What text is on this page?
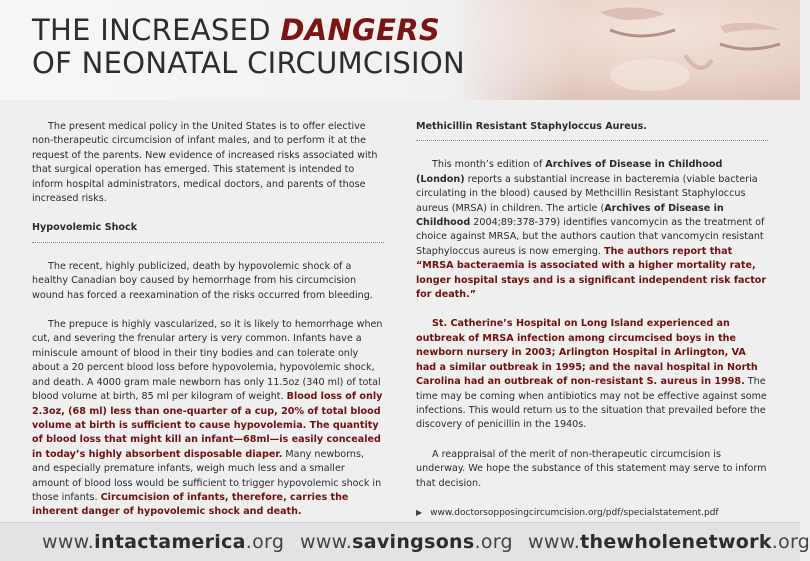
THE INCREASED DANGERS
OF NEONATAL CIRCUMCISION

The present medical policy in the United States is to offer elective non-therapeutic circumcision of infant males, and to perform it at the request of the parents. New evidence of increased risks associated with that surgical operation has emerged. This statement is intended to inform hospital administrators, medical doctors, and parents of those increased risks.

Hypovolemic Shock

The recent, highly publicized, death by hypovolemic shock of a healthy Canadian boy caused by hemorrhage from his circumcision wound has forced a reexamination of the risks occurred from bleeding.

The prepuce is highly vascularized, so it is likely to hemorrhage when cut, and severing the frenular artery is very common. Infants have a miniscule amount of blood in their tiny bodies and can tolerate only about a 20 percent blood loss before hypovolemia, hypovolemic shock, and death. A 4000 gram male newborn has only 11.5oz (340 ml) of total blood volume at birth, 85 ml per kilogram of weight. Blood loss of only 2.3oz, (68 ml) less than one-quarter of a cup, 20% of total blood volume at birth is sufficient to cause hypovolemia. The quantity of blood loss that might kill an infant—68ml—is easily concealed in today’s highly absorbent disposable diaper. Many newborns, and especially premature infants, weigh much less and a smaller amount of blood loss would be sufficient to trigger hypovolemic shock in those infants. Circumcision of infants, therefore, carries the inherent danger of hypovolemic shock and death.

Methicillin Resistant Staphyloccus Aureus.

This month’s edition of Archives of Disease in Childhood (London) reports a substantial increase in bacteremia (viable bacteria circulating in the blood) caused by Methcillin Resistant Staphyloccus aureus (MRSA) in children. The article (Archives of Disease in Childhood 2004;89:378-379) identifies vancomycin as the treatment of choice against MRSA, but the authors caution that vancomycin resistant Staphyloccus aureus is now emerging. The authors report that “MRSA bacteraemia is associated with a higher mortality rate, longer hospital stays and is a significant independent risk factor for death.”

St. Catherine’s Hospital on Long Island experienced an outbreak of MRSA infection among circumcised boys in the newborn nursery in 2003; Arlington Hospital in Arlington, VA had a similar outbreak in 1995; and the naval hospital in North Carolina had an outbreak of non-resistant S. aureus in 1998. The time may be coming when antibiotics may not be effective against some infections. This would return us to the situation that prevailed before the discovery of penicillin in the 1940s.

A reappraisal of the merit of non-therapeutic circumcision is underway. We hope the substance of this statement may serve to inform that decision.

▶ www.doctorsopposingcircumcision.org/pdf/specialstatement.pdf
www.intactamerica.org www.savingsons.org www.thewholenetwork.org
